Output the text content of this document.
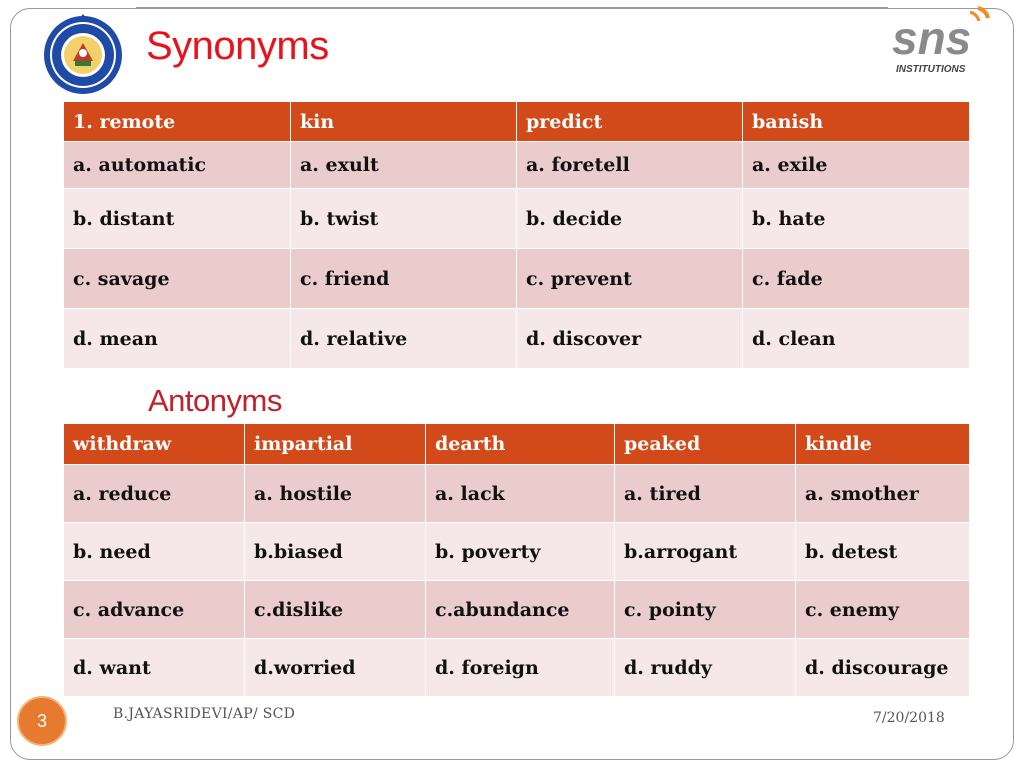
sns
INSTITUTIONS
Synonyms
1. remote	kin	predict	banish
a. automatic	a. exult	a. foretell	a. exile
b. distant	b. twist	b. decide	b. hate
c. savage	c. friend	c. prevent	c. fade
d. mean	d. relative	d. discover	d. clean
Antonyms
withdraw	impartial	dearth	peaked	kindle
a. reduce	a. hostile	a. lack	a. tired	a. smother
b. need	b.biased	b. poverty	b.arrogant	b. detest
c. advance	c.dislike	c.abundance	c. pointy	c. enemy
d. want	d.worried	d. foreign	d. ruddy	d. discourage
3	B.JAYASRIDEVI/AP/ SCD	7/20/2018
